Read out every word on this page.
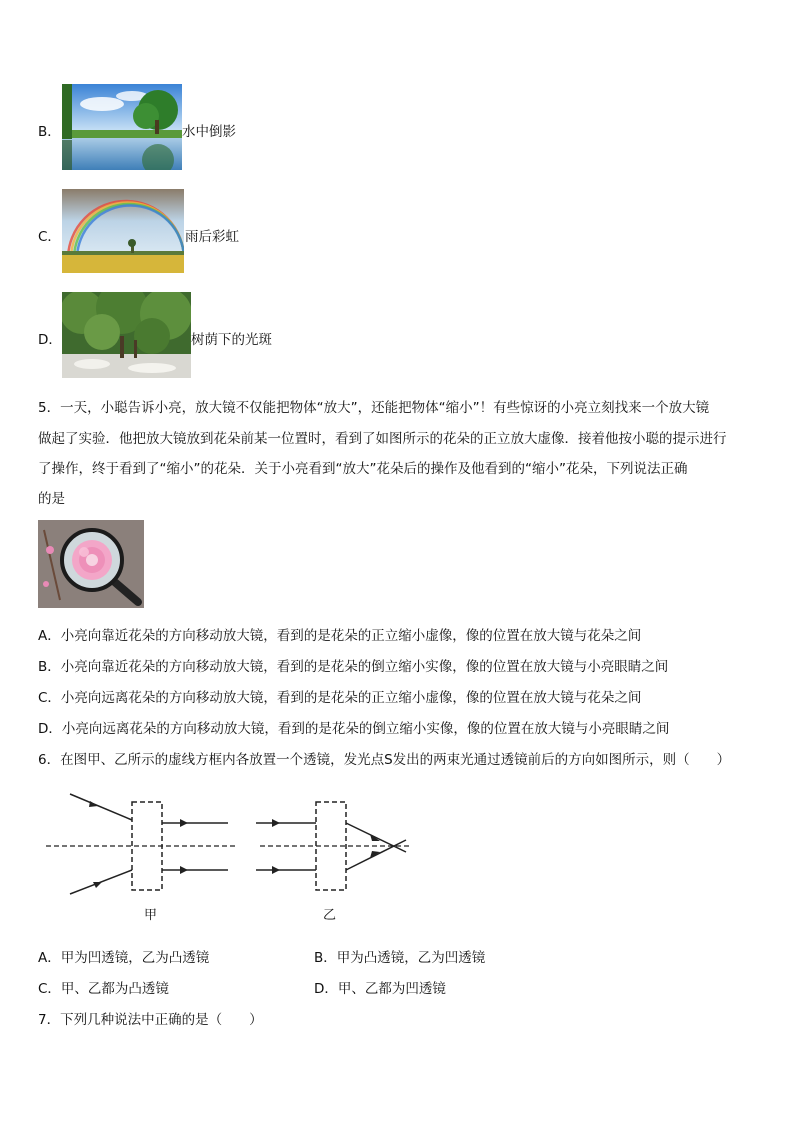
B．	水中倒影
C．	雨后彩虹
D．	树荫下的光斑
5．一天，小聪告诉小亮，放大镜不仅能把物体“放大”，还能把物体“缩小”！有些惊讶的小亮立刻找来一个放大镜
做起了实验．他把放大镜放到花朵前某一位置时，看到了如图所示的花朵的正立放大虚像．接着他按小聪的提示进行
了操作，终于看到了“缩小”的花朵．关于小亮看到“放大”花朵后的操作及他看到的“缩小”花朵，下列说法正确
的是
A．小亮向靠近花朵的方向移动放大镜，看到的是花朵的正立缩小虚像，像的位置在放大镜与花朵之间
B．小亮向靠近花朵的方向移动放大镜，看到的是花朵的倒立缩小实像，像的位置在放大镜与小亮眼睛之间
C．小亮向远离花朵的方向移动放大镜，看到的是花朵的正立缩小虚像，像的位置在放大镜与花朵之间
D．小亮向远离花朵的方向移动放大镜，看到的是花朵的倒立缩小实像，像的位置在放大镜与小亮眼睛之间
6．在图甲、乙所示的虚线方框内各放置一个透镜，发光点S发出的两束光通过透镜前后的方向如图所示，则（　　）
甲	乙
A．甲为凹透镜，乙为凸透镜	B．甲为凸透镜，乙为凹透镜
C．甲、乙都为凸透镜	D．甲、乙都为凹透镜
7．下列几种说法中正确的是（　　）
